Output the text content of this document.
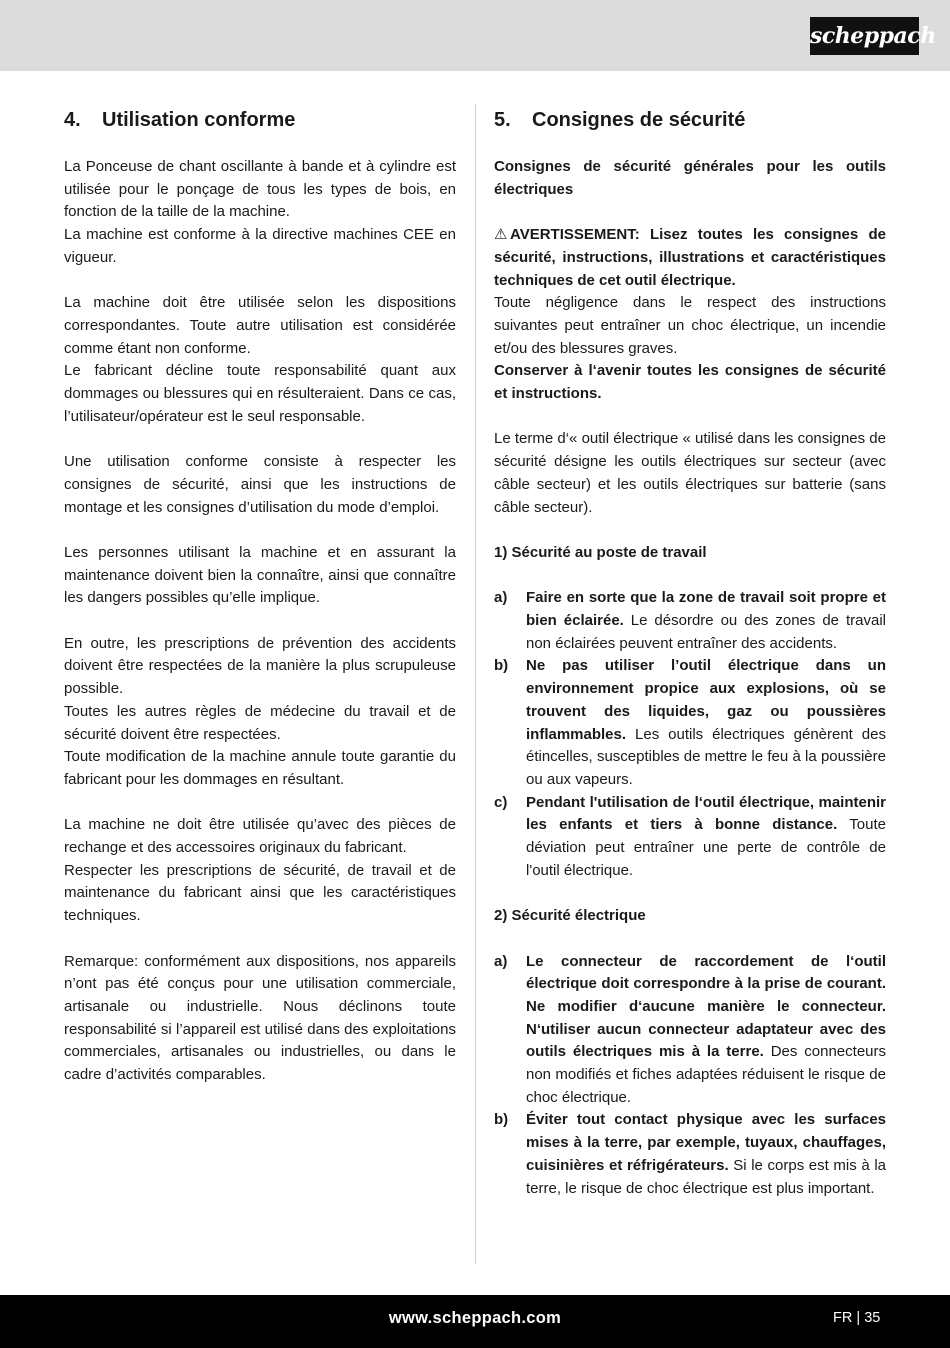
scheppach
4. Utilisation conforme

La Ponceuse de chant oscillante à bande et à cylindre est utilisée pour le ponçage de tous les types de bois, en fonction de la taille de la machine.

La machine est conforme à la directive machines CEE en vigueur.

La machine doit être utilisée selon les dispositions correspondantes. Toute autre utilisation est considérée comme étant non conforme.

Le fabricant décline toute responsabilité quant aux dommages ou blessures qui en résulteraient. Dans ce cas, l’utilisateur/opérateur est le seul responsable.

Une utilisation conforme consiste à respecter les consignes de sécurité, ainsi que les instructions de montage et les consignes d’utilisation du mode d’emploi.

Les personnes utilisant la machine et en assurant la maintenance doivent bien la connaître, ainsi que connaître les dangers possibles qu’elle implique.

En outre, les prescriptions de prévention des accidents doivent être respectées de la manière la plus scrupuleuse possible.

Toutes les autres règles de médecine du travail et de sécurité doivent être respectées.

Toute modification de la machine annule toute garantie du fabricant pour les dommages en résultant.

La machine ne doit être utilisée qu’avec des pièces de rechange et des accessoires originaux du fabricant.

Respecter les prescriptions de sécurité, de travail et de maintenance du fabricant ainsi que les caractéristiques techniques.

Remarque: conformément aux dispositions, nos appareils n’ont pas été conçus pour une utilisation commerciale, artisanale ou industrielle. Nous déclinons toute responsabilité si l’appareil est utilisé dans des exploitations commerciales, artisanales ou industrielles, ou dans le cadre d’activités comparables.

5. Consignes de sécurité

Consignes de sécurité générales pour les outils électriques

⚠ AVERTISSEMENT: Lisez toutes les consignes de sécurité, instructions, illustrations et caractéristiques techniques de cet outil électrique.

Toute négligence dans le respect des instructions suivantes peut entraîner un choc électrique, un incendie et/ou des blessures graves.

Conserver à l‘avenir toutes les consignes de sécurité et instructions.

Le terme d‘« outil électrique « utilisé dans les consignes de sécurité désigne les outils électriques sur secteur (avec câble secteur) et les outils électriques sur batterie (sans câble secteur).

1) Sécurité au poste de travail

a)	Faire en sorte que la zone de travail soit propre et bien éclairée. Le désordre ou des zones de travail non éclairées peuvent entraîner des accidents.

b)	Ne pas utiliser l’outil électrique dans un environnement propice aux explosions, où se trouvent des liquides, gaz ou poussières inflammables. Les outils électriques génèrent des étincelles, susceptibles de mettre le feu à la poussière ou aux vapeurs.

c)	Pendant l'utilisation de l‘outil électrique, maintenir les enfants et tiers à bonne distance. Toute déviation peut entraîner une perte de contrôle de l'outil électrique.

2) Sécurité électrique

a)	Le connecteur de raccordement de l‘outil électrique doit correspondre à la prise de courant. Ne modifier d‘aucune manière le connecteur. N‘utiliser aucun connecteur adaptateur avec des outils électriques mis à la terre. Des connecteurs non modifiés et fiches adaptées réduisent le risque de choc électrique.

b)	Éviter tout contact physique avec les surfaces mises à la terre, par exemple, tuyaux, chauffages, cuisinières et réfrigérateurs. Si le corps est mis à la terre, le risque de choc électrique est plus important.

www.scheppach.com	FR | 35
